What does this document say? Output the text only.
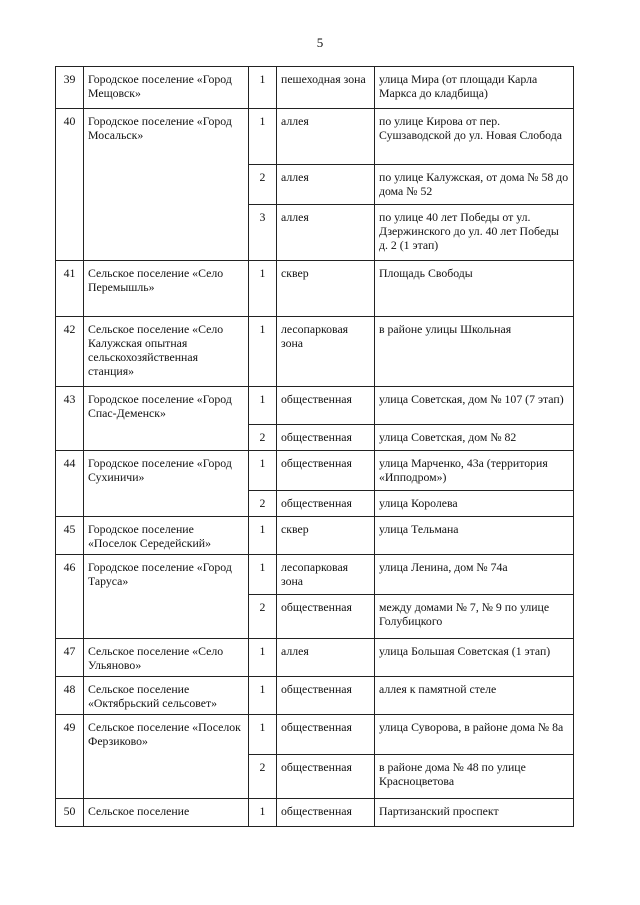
5
39	Городское поселение «Город Мещовск»	1	пешеходная зона	улица Мира (от площади Карла Маркса до кладбища)
40	Городское поселение «Город Мосальск»	1	аллея	по улице Кирова от пер. Сушзаводской до ул. Новая Слобода
		2	аллея	по улице Калужская, от дома № 58 до дома № 52
		3	аллея	по улице 40 лет Победы от ул. Дзержинского до ул. 40 лет Победы д. 2 (1 этап)
41	Сельское поселение «Село Перемышль»	1	сквер	Площадь Свободы
42	Сельское поселение «Село Калужская опытная сельскохозяйственная станция»	1	лесопарковая зона	в районе улицы Школьная
43	Городское поселение «Город Спас-Деменск»	1	общественная	улица Советская, дом № 107 (7 этап)
		2	общественная	улица Советская, дом № 82
44	Городское поселение «Город Сухиничи»	1	общественная	улица Марченко, 43а (территория «Ипподром»)
		2	общественная	улица Королева
45	Городское поселение «Поселок Середейский»	1	сквер	улица Тельмана
46	Городское поселение «Город Таруса»	1	лесопарковая зона	улица Ленина, дом № 74а
		2	общественная	между домами № 7, № 9 по улице Голубицкого
47	Сельское поселение «Село Ульяново»	1	аллея	улица Большая Советская (1 этап)
48	Сельское поселение «Октябрьский сельсовет»	1	общественная	аллея к памятной стеле
49	Сельское поселение «Поселок Ферзиково»	1	общественная	улица Суворова, в районе дома № 8а
		2	общественная	в районе дома № 48 по улице Красноцветова
50	Сельское поселение	1	общественная	Партизанский проспект
